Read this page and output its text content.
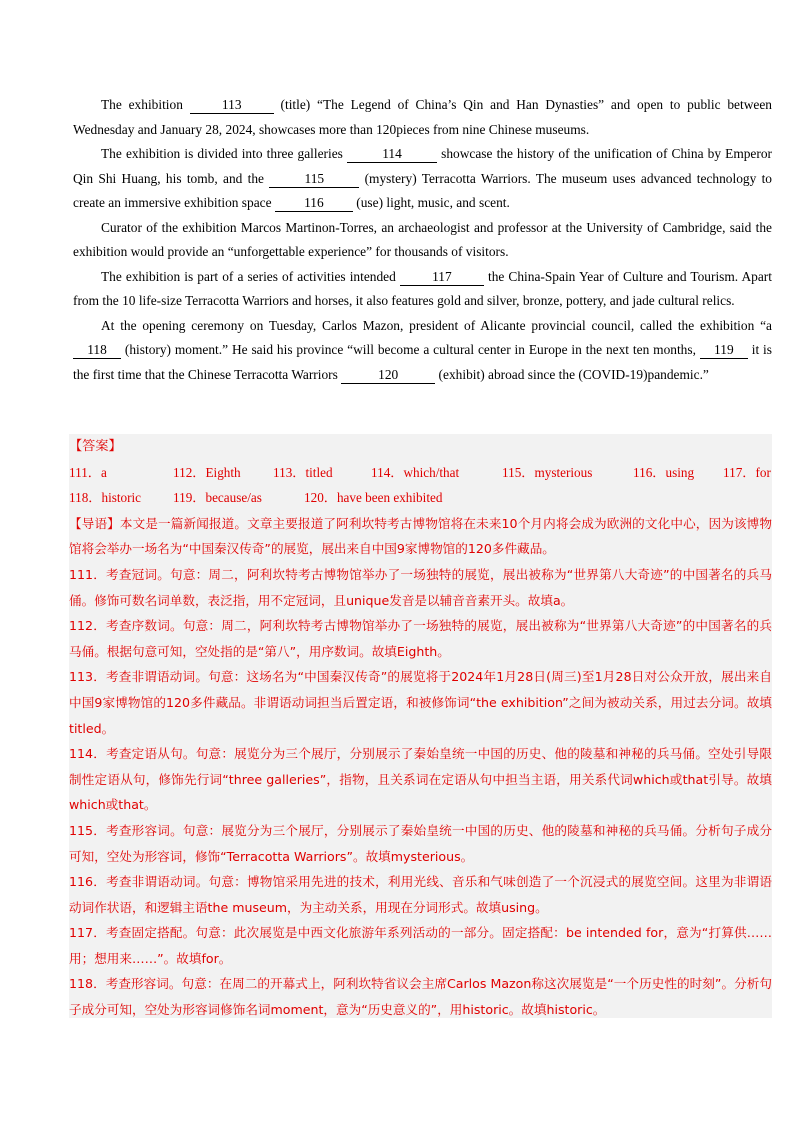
The exhibition 113 (title) “The Legend of China’s Qin and Han Dynasties” and open to public between Wednesday and January 28, 2024, showcases more than 120pieces from nine Chinese museums.

The exhibition is divided into three galleries	114	showcase the history of the unification of China by Emperor Qin Shi Huang, his tomb, and the	115	(mystery) Terracotta Warriors. The museum uses advanced technology to create an immersive exhibition space 116 (use) light, music, and scent.

Curator of the exhibition Marcos Martinon-Torres, an archaeologist and professor at the University of Cambridge, said the exhibition would provide an “unforgettable experience” for thousands of visitors.

The exhibition is part of a series of activities intended 117 the China-Spain Year of Culture and Tourism. Apart from the 10 life-size Terracotta Warriors and horses, it also features gold and silver, bronze, pottery, and jade cultural relics.

At the opening ceremony on Tuesday, Carlos Mazon, president of Alicante provincial council, called the exhibition “a 118 (history) moment.” He said his province “will become a cultural center in Europe in the next ten months, 119 it is the first time that the Chinese Terracotta Warriors	120	(exhibit) abroad since the (COVID-19)pandemic.”

【答案】
111．a	112．Eighth 113．titled	114．which/that	115．mysterious	116．using 117．for
118．historic 119．because/as	120．have been exhibited

【导语】本文是一篇新闻报道。文章主要报道了阿利坎特考古博物馆将在未来10个月内将会成为欧洲的文化中心，因为该博物馆将会举办一场名为“中国秦汉传奇”的展览，展出来自中国9家博物馆的120多件藏品。

111．考查冠词。句意：周二，阿利坎特考古博物馆举办了一场独特的展览，展出被称为“世界第八大奇迹”的中国著名的兵马俑。修饰可数名词单数，表泛指，用不定冠词，且unique发音是以辅音音素开头。故填a。

112．考查序数词。句意：周二，阿利坎特考古博物馆举办了一场独特的展览，展出被称为“世界第八大奇迹”的中国著名的兵马俑。根据句意可知，空处指的是“第八”，用序数词。故填Eighth。

113．考查非谓语动词。句意：这场名为“中国秦汉传奇”的展览将于2024年1月28日(周三)至1月28日对公众开放，展出来自中国9家博物馆的120多件藏品。非谓语动词担当后置定语，和被修饰词“the exhibition”之间为被动关系，用过去分词。故填titled。

114．考查定语从句。句意：展览分为三个展厅，分别展示了秦始皇统一中国的历史、他的陵墓和神秘的兵马俑。空处引导限制性定语从句，修饰先行词“three galleries”，指物，且关系词在定语从句中担当主语，用关系代词which或that引导。故填which或that。

115．考查形容词。句意：展览分为三个展厅，分别展示了秦始皇统一中国的历史、他的陵墓和神秘的兵马俑。分析句子成分可知，空处为形容词，修饰“Terracotta Warriors”。故填mysterious。

116．考查非谓语动词。句意：博物馆采用先进的技术，利用光线、音乐和气味创造了一个沉浸式的展览空间。这里为非谓语动词作状语，和逻辑主语the museum，为主动关系，用现在分词形式。故填using。

117．考查固定搭配。句意：此次展览是中西文化旅游年系列活动的一部分。固定搭配：be intended for，意为“打算供……用；想用来……”。故填for。

118．考查形容词。句意：在周二的开幕式上，阿利坎特省议会主席Carlos Mazon称这次展览是“一个历史性的时刻”。分析句子成分可知，空处为形容词修饰名词moment，意为“历史意义的”，用historic。故填historic。
